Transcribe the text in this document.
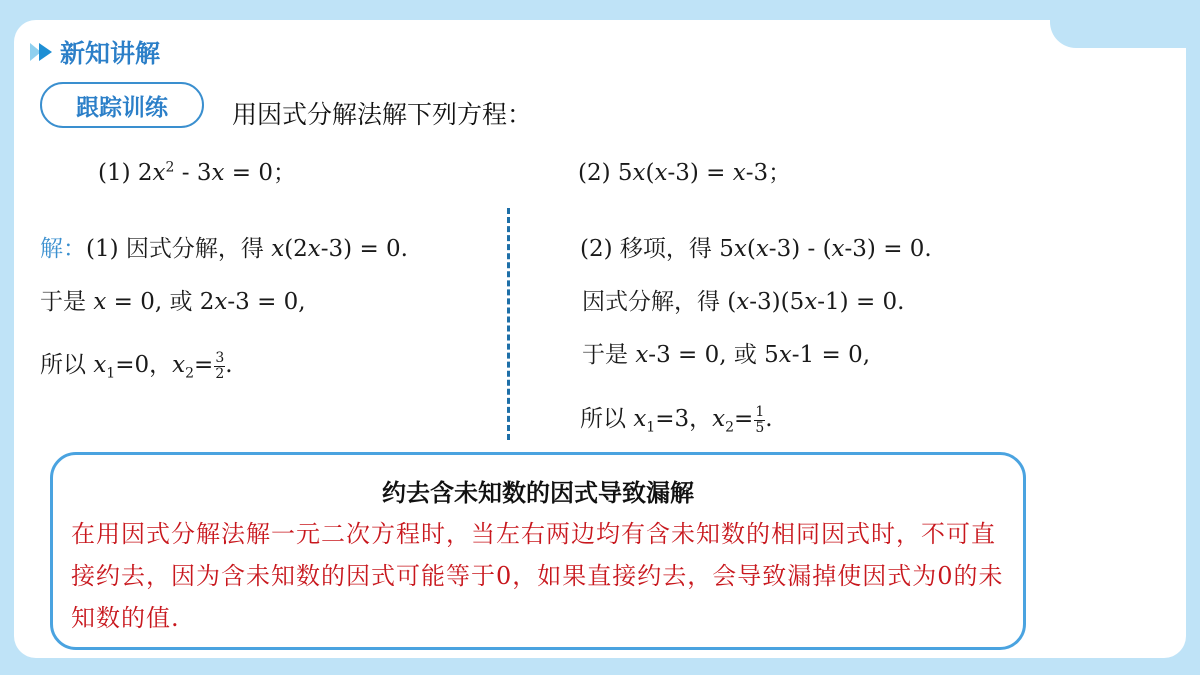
新知讲解
跟踪训练	用因式分解法解下列方程：
(1) $2x^2 - 3x = 0$；	(2) 5x(x-3) = x-3；
解：(1) 因式分解，得 x(2x-3) = 0.
于是 x = 0, 或 2x-3 = 0,
所以 $x_1=0$，$x_2= \frac{3}{2}$ .
(2) 移项，得 5x(x-3) - (x-3) = 0.
因式分解，得 (x-3)(5x-1) = 0.
于是 x-3 = 0, 或 5x-1 = 0,
所以 $x_1=3$，$x_2= \frac{1}{5}$ .
约去含未知数的因式导致漏解
在用因式分解法解一元二次方程时，当左右两边均有含未知数的相同因式时，不可直接约去，因为含未知数的因式可能等于0，如果直接约去，会导致漏掉使因式为0的未知数的值.
